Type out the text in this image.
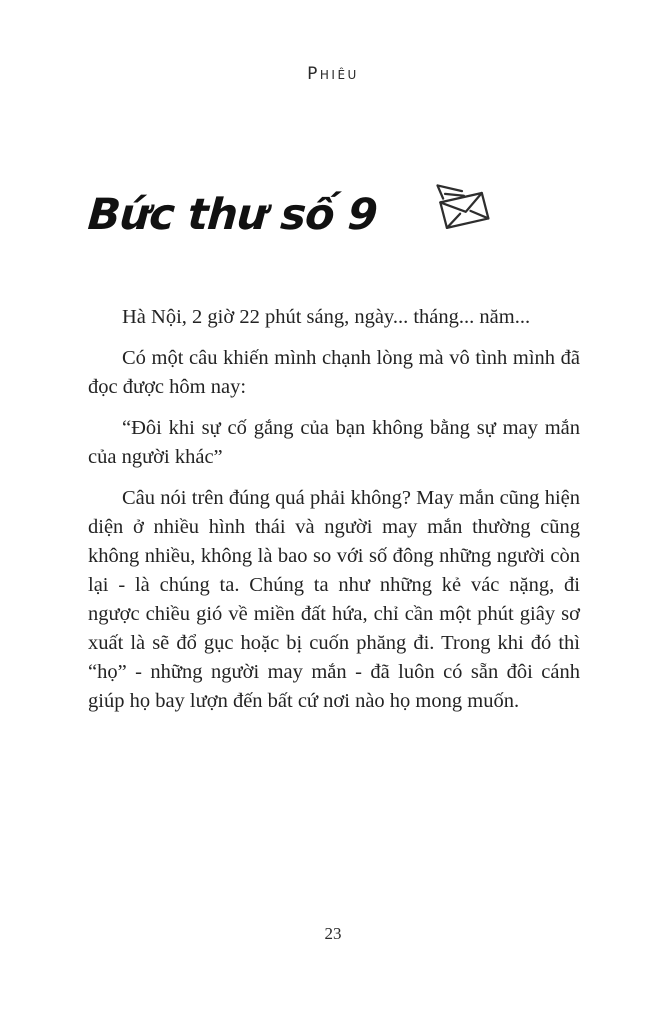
Phiêu
Bức thư số 9

Hà Nội, 2 giờ 22 phút sáng, ngày... tháng... năm...

Có một câu khiến mình chạnh lòng mà vô tình mình đã đọc được hôm nay:

“Đôi khi sự cố gắng của bạn không bằng sự may mắn của người khác”

Câu nói trên đúng quá phải không? May mắn cũng hiện diện ở nhiều hình thái và người may mắn thường cũng không nhiều, không là bao so với số đông những người còn lại - là chúng ta. Chúng ta như những kẻ vác nặng, đi ngược chiều gió về miền đất hứa, chỉ cần một phút giây sơ xuất là sẽ đổ gục hoặc bị cuốn phăng đi. Trong khi đó thì “họ” - những người may mắn - đã luôn có sẵn đôi cánh giúp họ bay lượn đến bất cứ nơi nào họ mong muốn.

23
